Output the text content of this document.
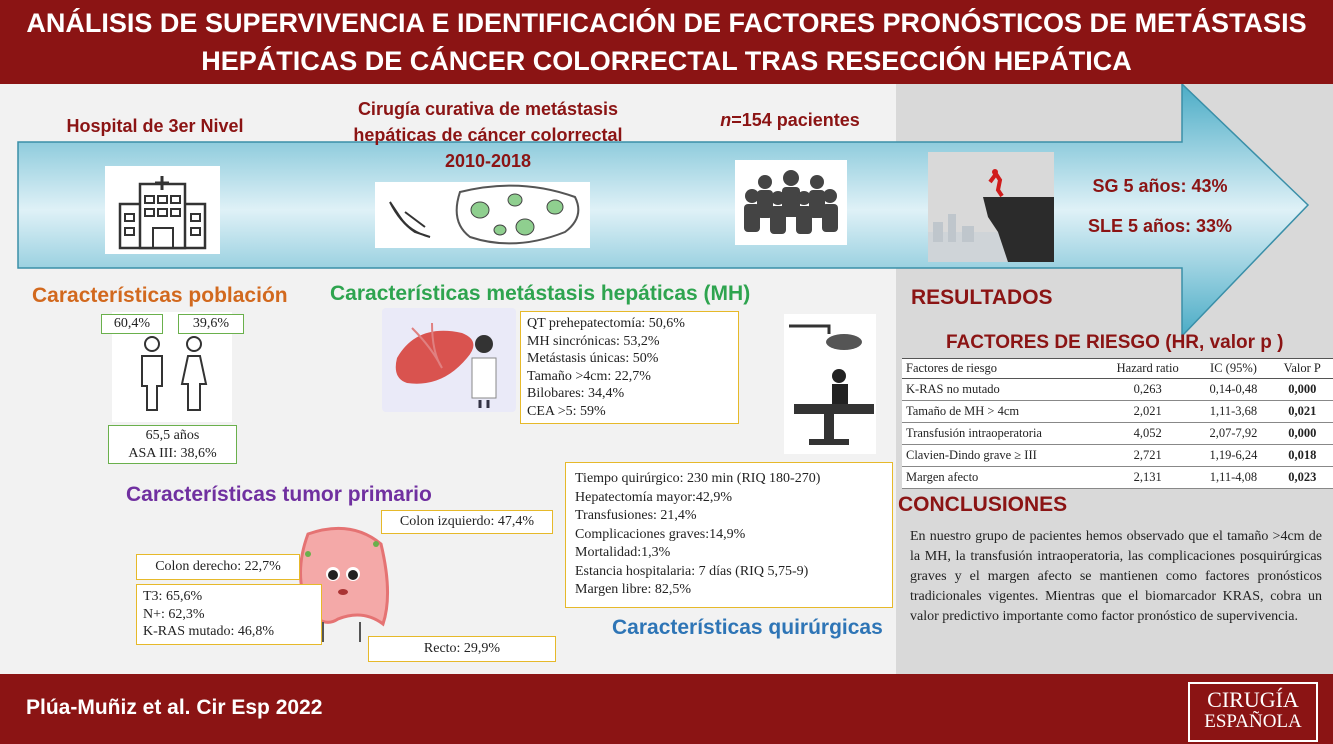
ANÁLISIS DE SUPERVIVENCIA E IDENTIFICACIÓN DE FACTORES PRONÓSTICOS DE METÁSTASIS
HEPÁTICAS DE CÁNCER COLORRECTAL TRAS RESECCIÓN HEPÁTICA
Hospital de 3er Nivel
Cirugía curativa de metástasis
hepáticas de cáncer colorrectal
2010-2018
n=154 pacientes
SG 5 años: 43%
SLE 5 años: 33%
Características población
60,4%	39,6%
65,5 años
ASA III: 38,6%
Características metástasis hepáticas (MH)
QT prehepatectomía: 50,6%
MH sincrónicas: 53,2%
Metástasis únicas: 50%
Tamaño >4cm: 22,7%
Bilobares: 34,4%
CEA >5: 59%
Características tumor primario
Colon izquierdo: 47,4%
Colon derecho: 22,7%
T3: 65,6%
N+: 62,3%
K-RAS mutado: 46,8%
Recto: 29,9%
Tiempo quirúrgico: 230 min (RIQ 180-270)
Hepatectomía mayor:42,9%
Transfusiones: 21,4%
Complicaciones graves:14,9%
Mortalidad:1,3%
Estancia hospitalaria: 7 días (RIQ 5,75-9)
Margen libre: 82,5%
Características quirúrgicas
RESULTADOS
FACTORES DE RIESGO (HR, valor p )
Factores de riesgo	Hazard ratio	IC (95%)	Valor P
K-RAS no mutado	0,263	0,14-0,48	0,000
Tamaño de MH > 4cm	2,021	1,11-3,68	0,021
Transfusión intraoperatoria	4,052	2,07-7,92	0,000
Clavien-Dindo grave ≥ III	2,721	1,19-6,24	0,018
Margen afecto	2,131	1,11-4,08	0,023
CONCLUSIONES
En nuestro grupo de pacientes hemos observado que el tamaño >4cm de la MH, la transfusión intraoperatoria, las complicaciones posquirúrgicas graves y el margen afecto se mantienen como factores pronósticos tradicionales vigentes. Mientras que el biomarcador KRAS, cobra un valor predictivo importante como factor pronóstico de supervivencia.
Plúa-Muñiz et al. Cir Esp 2022	CIRUGÍA
ESPAÑOLA
